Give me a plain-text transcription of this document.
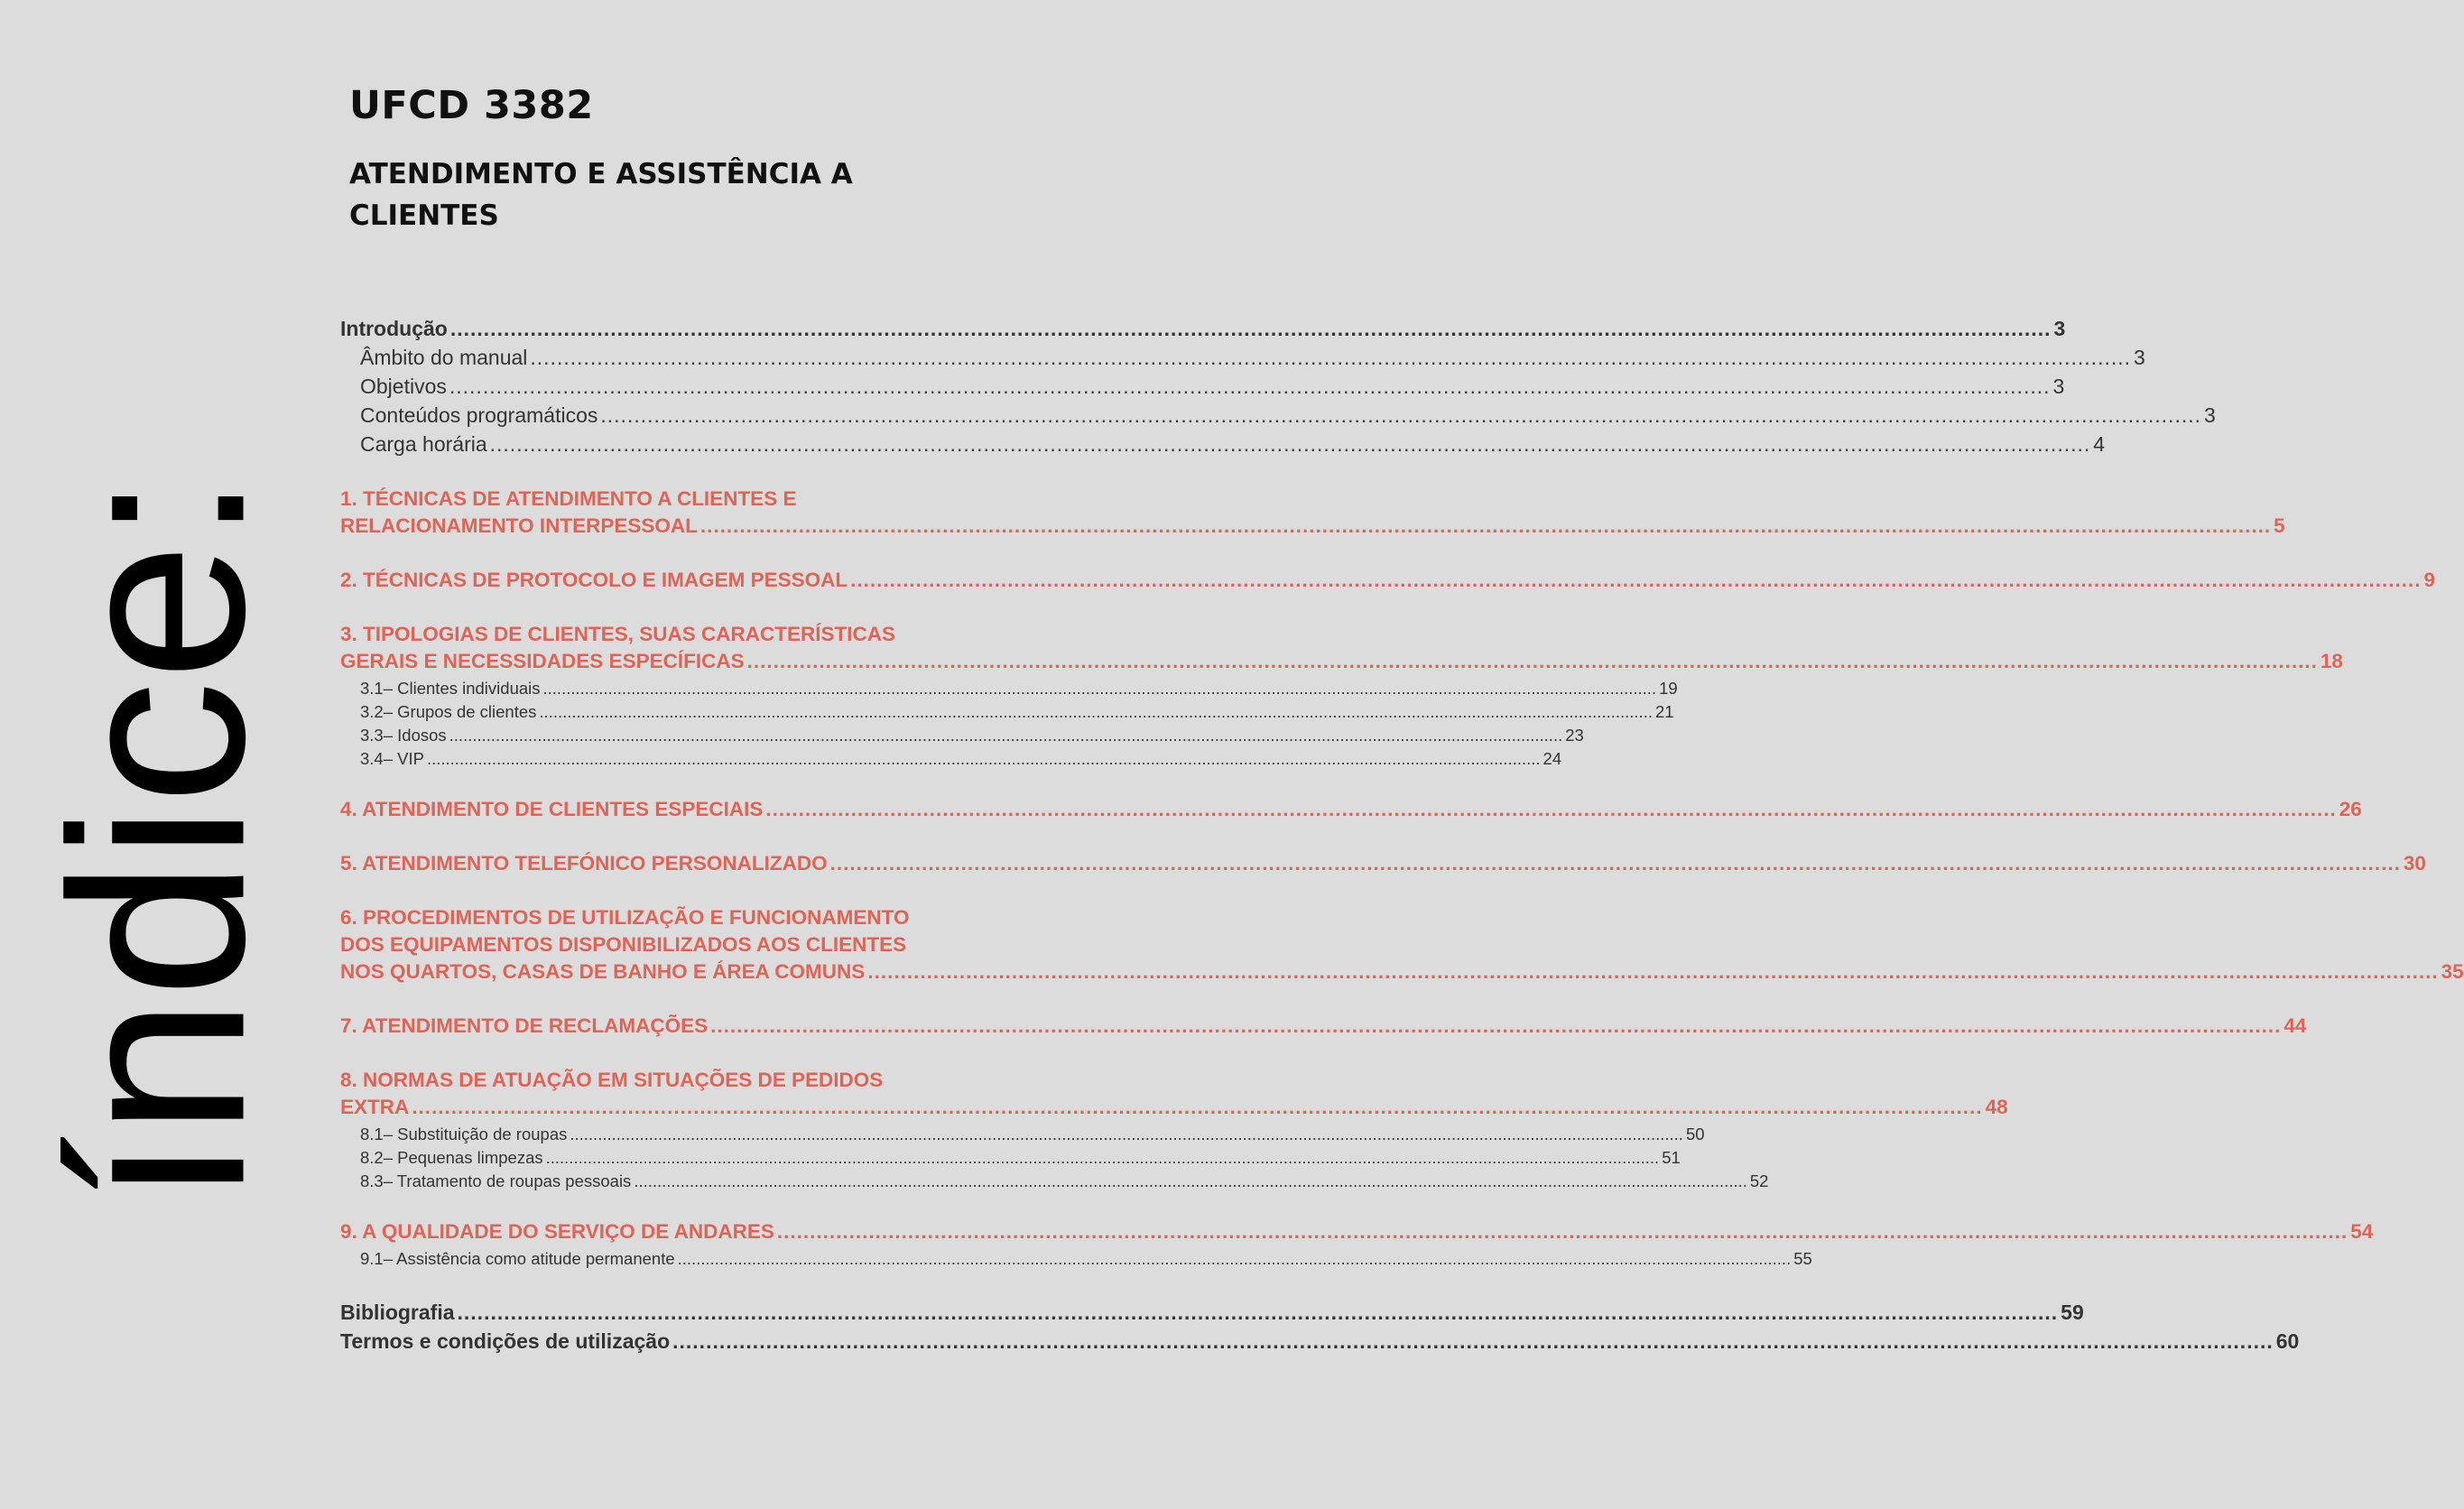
índice:
UFCD 3382
ATENDIMENTO E ASSISTÊNCIA A CLIENTES
Introdução .....	3
Âmbito do manual .....	3
Objetivos .....	3
Conteúdos programáticos .....	3
Carga horária .....	4
1. TÉCNICAS DE ATENDIMENTO A CLIENTES E
RELACIONAMENTO INTERPESSOAL .....	5
2. TÉCNICAS DE PROTOCOLO E IMAGEM PESSOAL .....	9
3. TIPOLOGIAS DE CLIENTES, SUAS CARACTERÍSTICAS
GERAIS E NECESSIDADES ESPECÍFICAS .....	18
3.1– Clientes individuais .....	19
3.2– Grupos de clientes .....	21
3.3– Idosos .....	23
3.4– VIP .....	24
4. ATENDIMENTO DE CLIENTES ESPECIAIS .....	26
5. ATENDIMENTO TELEFÓNICO PERSONALIZADO .....	30
6. PROCEDIMENTOS DE UTILIZAÇÃO E FUNCIONAMENTO
DOS EQUIPAMENTOS DISPONIBILIZADOS AOS CLIENTES
NOS QUARTOS, CASAS DE BANHO E ÁREA COMUNS .....	35
7. ATENDIMENTO DE RECLAMAÇÕES .....	44
8. NORMAS DE ATUAÇÃO EM SITUAÇÕES DE PEDIDOS
EXTRA .....	48
8.1– Substituição de roupas .....	50
8.2– Pequenas limpezas .....	51
8.3– Tratamento de roupas pessoais .....	52
9. A QUALIDADE DO SERVIÇO DE ANDARES .....	54
9.1– Assistência como atitude permanente .....	55
Bibliografia .....	59
Termos e condições de utilização .....	60
